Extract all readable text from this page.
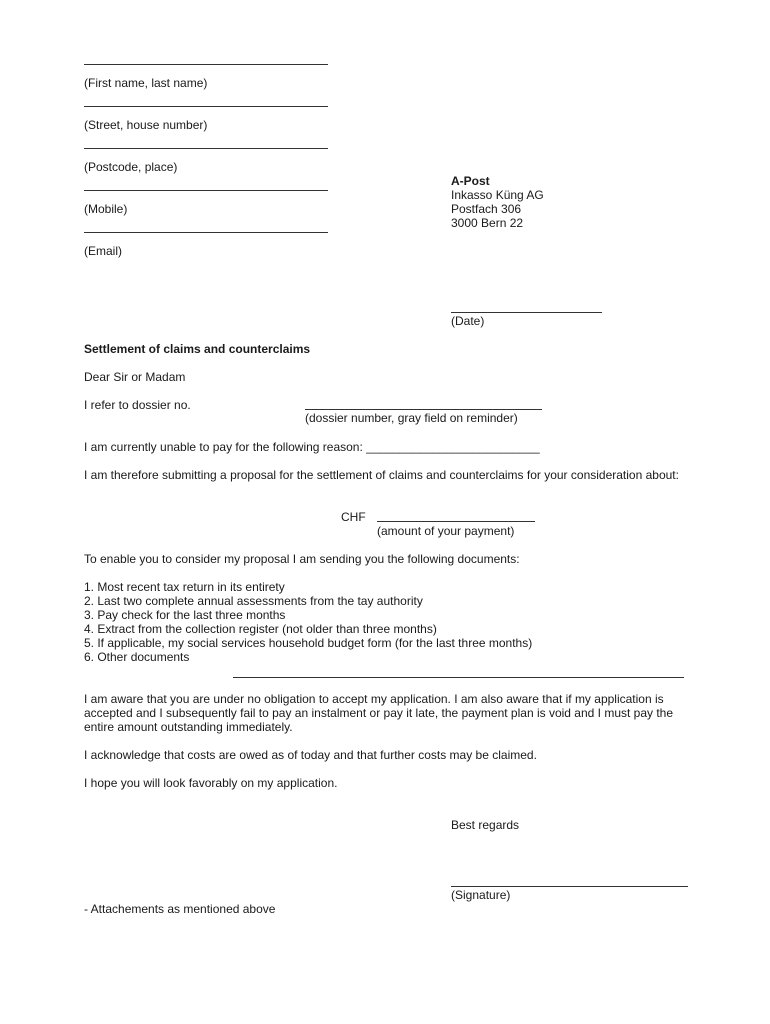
(First name, last name)
(Street, house number)
(Postcode, place)
(Mobile)
(Email)
A-Post
Inkasso Küng AG
Postfach 306
3000 Bern 22
(Date)
Settlement of claims and counterclaims
Dear Sir or Madam
I refer to dossier no.
(dossier number, gray field on reminder)
I am currently unable to pay for the following reason: __________________________
I am therefore submitting a proposal for the settlement of claims and counterclaims for your consideration about:
CHF
(amount of your payment)
To enable you to consider my proposal I am sending you the following documents:
1. Most recent tax return in its entirety
2. Last two complete annual assessments from the tay authority
3. Pay check for the last three months
4. Extract from the collection register (not older than three months)
5. If applicable, my social services household budget form (for the last three months)
6. Other documents
I am aware that you are under no obligation to accept my application. I am also aware that if my application is accepted and I subsequently fail to pay an instalment or pay it late, the payment plan is void and I must pay the entire amount outstanding immediately.
I acknowledge that costs are owed as of today and that further costs may be claimed.
I hope you will look favorably on my application.
Best regards
(Signature)
- Attachements as mentioned above
